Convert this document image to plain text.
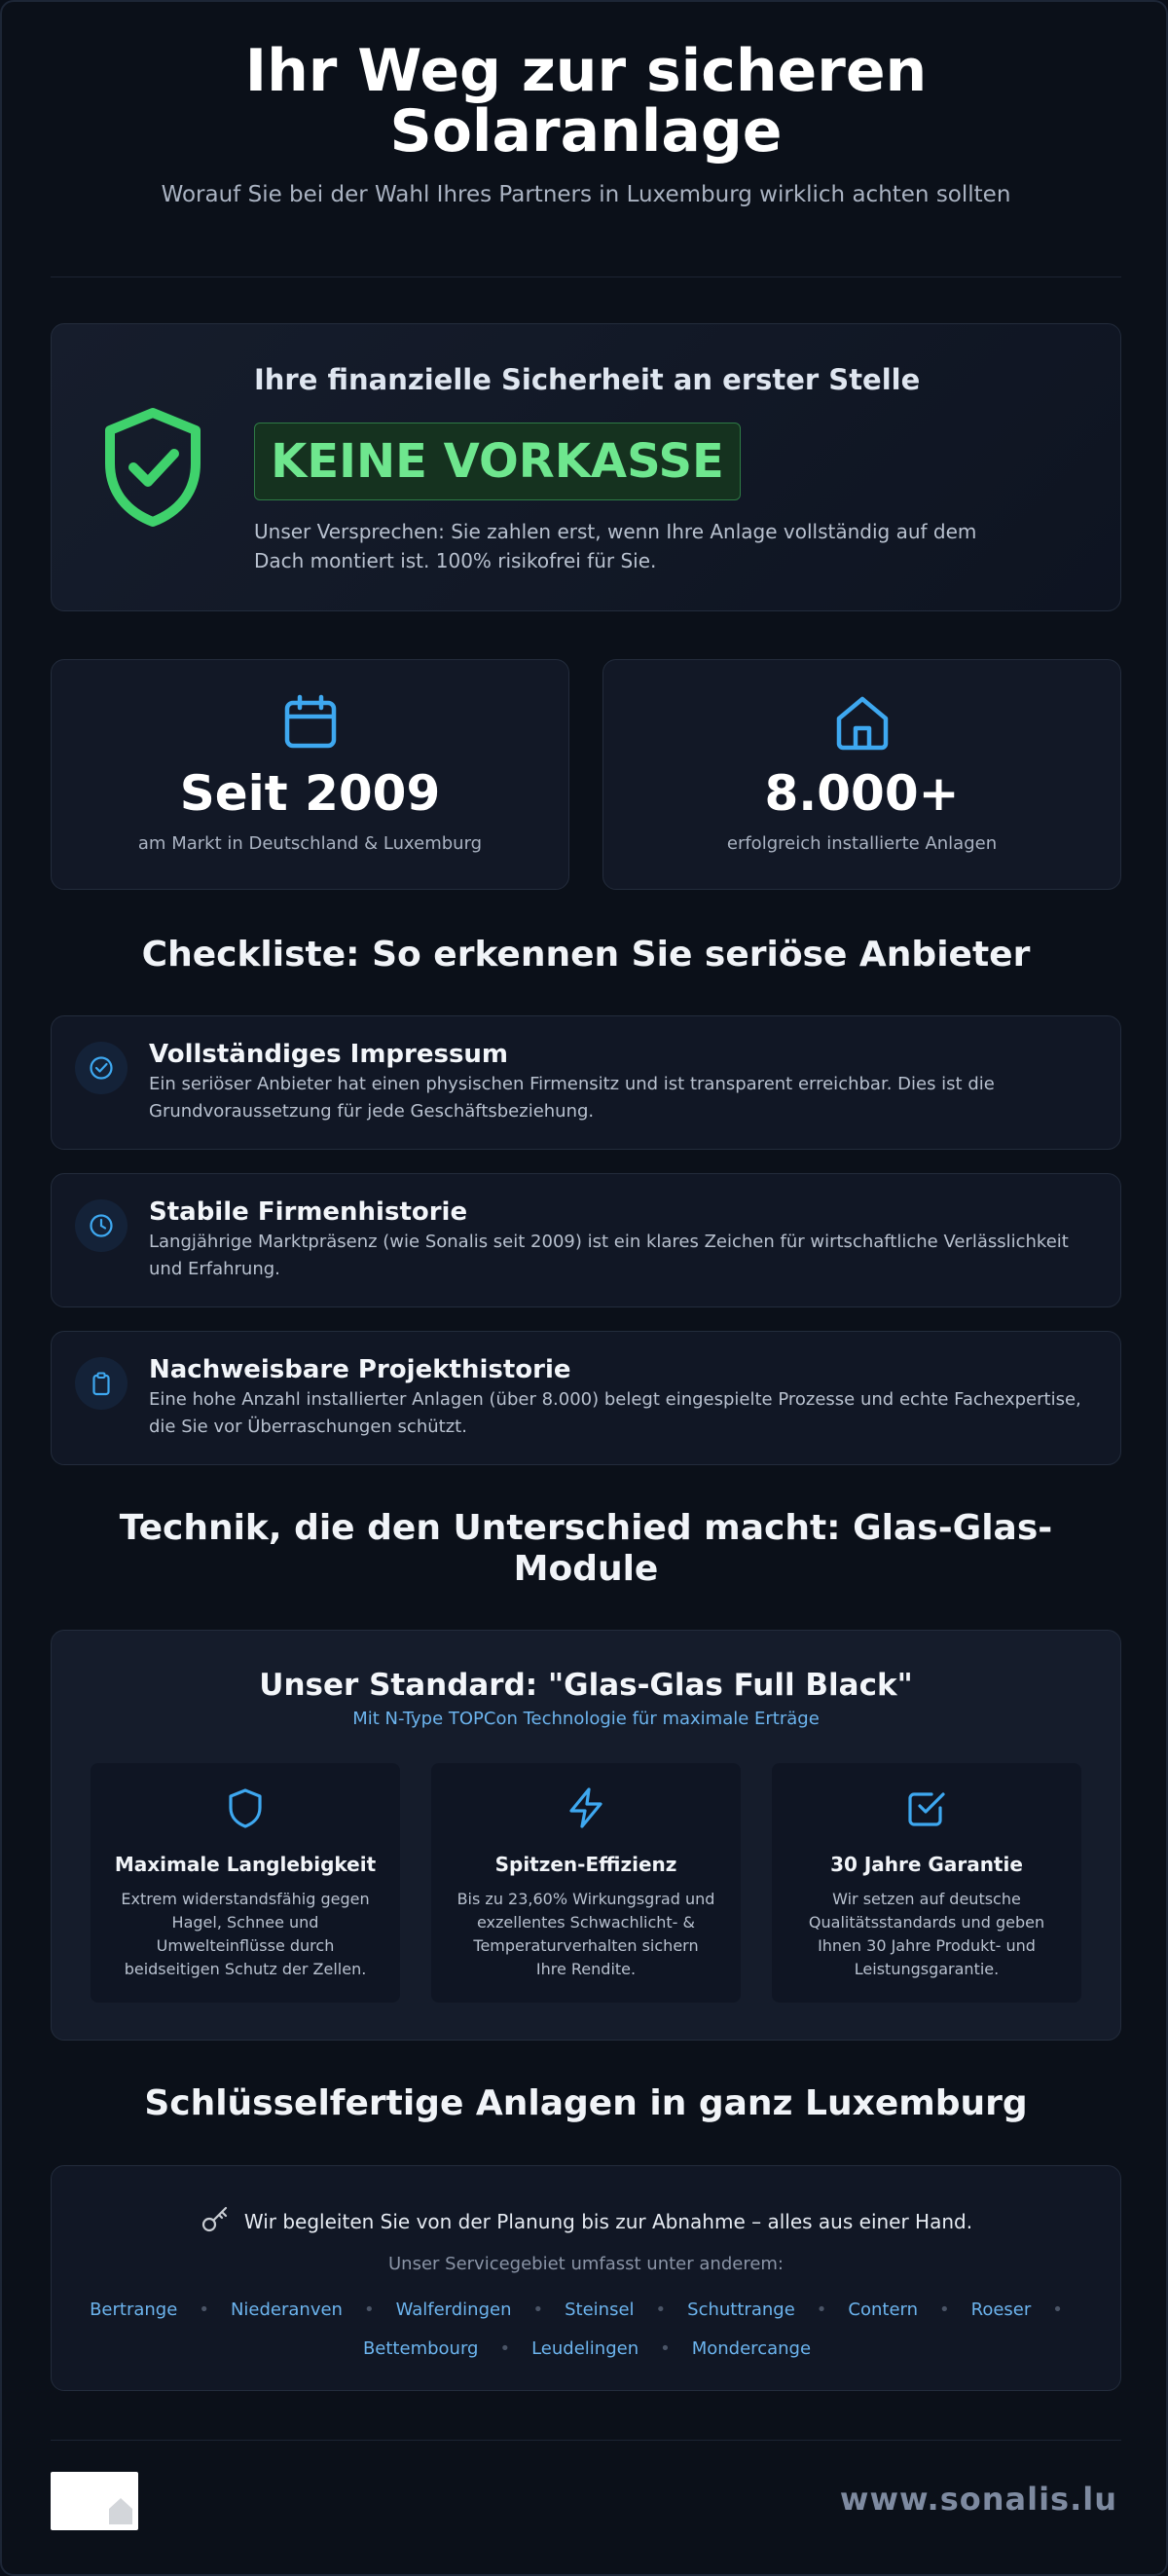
Ihr Weg zur sicheren Solaranlage

Worauf Sie bei der Wahl Ihres Partners in Luxemburg wirklich achten sollten

Ihre finanzielle Sicherheit an erster Stelle
KEINE VORKASSE

Unser Versprechen: Sie zahlen erst, wenn Ihre Anlage vollständig auf dem Dach montiert ist. 100% risikofrei für Sie.

Seit 2009
am Markt in Deutschland & Luxemburg
8.000+
erfolgreich installierte Anlagen
Checkliste: So erkennen Sie seriöse Anbieter
Vollständiges Impressum

Ein seriöser Anbieter hat einen physischen Firmensitz und ist transparent erreichbar. Dies ist die Grundvoraussetzung für jede Geschäftsbeziehung.

Stabile Firmenhistorie

Langjährige Marktpräsenz (wie Sonalis seit 2009) ist ein klares Zeichen für wirtschaftliche Verlässlichkeit und Erfahrung.

Nachweisbare Projekthistorie

Eine hohe Anzahl installierter Anlagen (über 8.000) belegt eingespielte Prozesse und echte Fachexpertise, die Sie vor Überraschungen schützt.

Technik, die den Unterschied macht: Glas-Glas-Module
Unser Standard: "Glas-Glas Full Black"
Mit N-Type TOPCon Technologie für maximale Erträge
Maximale Langlebigkeit

Extrem widerstandsfähig gegen Hagel, Schnee und Umwelteinflüsse durch beidseitigen Schutz der Zellen.

Spitzen-Effizienz

Bis zu 23,60% Wirkungsgrad und exzellentes Schwachlicht- & Temperaturverhalten sichern Ihre Rendite.

30 Jahre Garantie

Wir setzen auf deutsche Qualitätsstandards und geben Ihnen 30 Jahre Produkt- und Leistungsgarantie.

Schlüsselfertige Anlagen in ganz Luxemburg
Wir begleiten Sie von der Planung bis zur Abnahme – alles aus einer Hand.
Unser Servicegebiet umfasst unter anderem:
Bertrange • Niederanven • Walferdingen • Steinsel • Schuttrange • Contern • Roeser •
Bettembourg • Leudelingen • Mondercange
www.sonalis.lu
